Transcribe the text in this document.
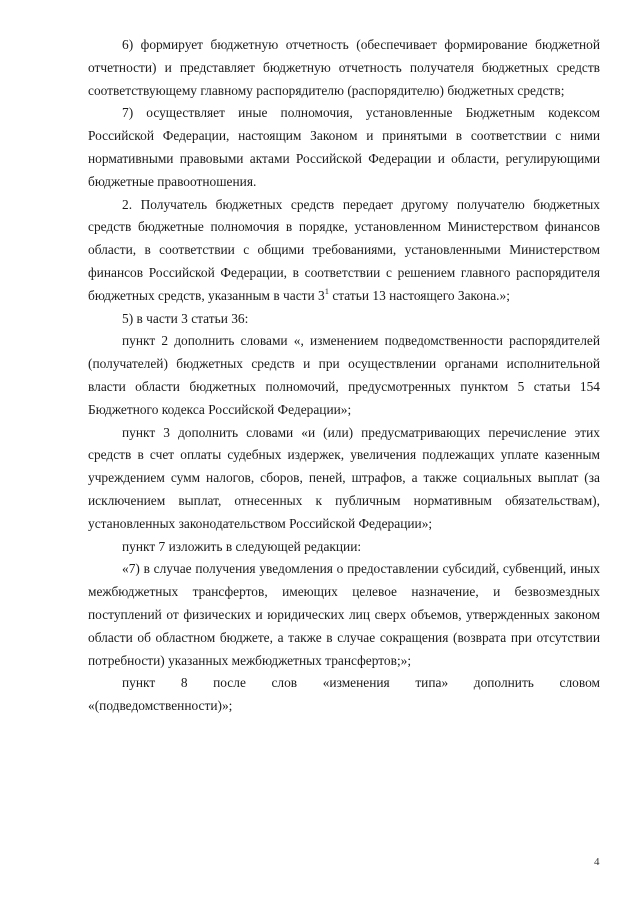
6) формирует бюджетную отчетность (обеспечивает формирование бюджетной отчетности) и представляет бюджетную отчетность получателя бюджетных средств соответствующему главному распорядителю (распорядителю) бюджетных средств;

7) осуществляет иные полномочия, установленные Бюджетным кодексом Российской Федерации, настоящим Законом и принятыми в соответствии с ними нормативными правовыми актами Российской Федерации и области, регулирующими бюджетные правоотношения.

2. Получатель бюджетных средств передает другому получателю бюджетных средств бюджетные полномочия в порядке, установленном Министерством финансов области, в соответствии с общими требованиями, установленными Министерством финансов Российской Федерации, в соответствии с решением главного распорядителя бюджетных средств, указанным в части $3^1$ статьи 13 настоящего Закона.»;

5) в части 3 статьи 36:

пункт 2 дополнить словами «, изменением подведомственности распорядителей (получателей) бюджетных средств и при осуществлении органами исполнительной власти области бюджетных полномочий, предусмотренных пунктом 5 статьи 154 Бюджетного кодекса Российской Федерации»;

пункт 3 дополнить словами «и (или) предусматривающих перечисление этих средств в счет оплаты судебных издержек, увеличения подлежащих уплате казенным учреждением сумм налогов, сборов, пеней, штрафов, а также социальных выплат (за исключением выплат, отнесенных к публичным нормативным обязательствам), установленных законодательством Российской Федерации»;

пункт 7 изложить в следующей редакции:

«7) в случае получения уведомления о предоставлении субсидий, субвенций, иных межбюджетных трансфертов, имеющих целевое назначение, и безвозмездных поступлений от физических и юридических лиц сверх объемов, утвержденных законом области об областном бюджете, а также в случае сокращения (возврата при отсутствии потребности) указанных межбюджетных трансфертов;»;

пункт 8 после слов «изменения типа» дополнить словом

«(подведомственности)»;

4
